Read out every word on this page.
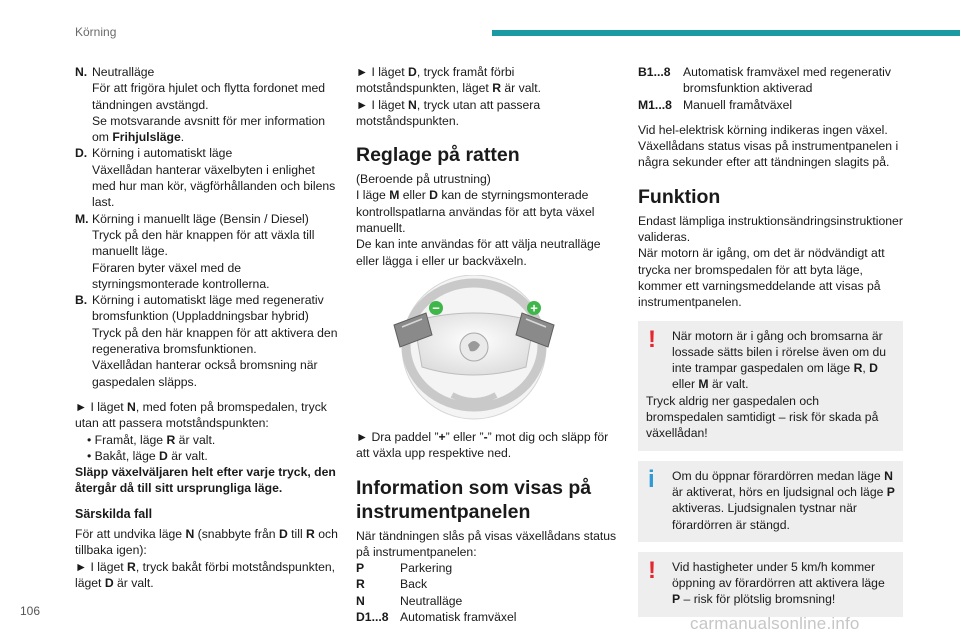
Körning
N. Neutralläge
För att frigöra hjulet och flytta fordonet med tändningen avstängd.
Se motsvarande avsnitt för mer information om Frihjulsläge.
D. Körning i automatiskt läge
Växellådan hanterar växelbyten i enlighet med hur man kör, vägförhållanden och bilens last.
M. Körning i manuellt läge (Bensin / Diesel)
Tryck på den här knappen för att växla till manuellt läge.
Föraren byter växel med de styrningsmonterade kontrollerna.
B. Körning i automatiskt läge med regenerativ bromsfunktion (Uppladdningsbar hybrid)
Tryck på den här knappen för att aktivera den regenerativa bromsfunktionen.
Växellådan hanterar också bromsning när gaspedalen släpps.

► I läget N, med foten på bromspedalen, tryck utan att passera motståndspunkten:

• Framåt, läge R är valt.
• Bakåt, läge D är valt.

Släpp växelväljaren helt efter varje tryck, den återgår då till sitt ursprungliga läge.

Särskilda fall

För att undvika läge N (snabbyte från D till R och tillbaka igen):

► I läget R, tryck bakåt förbi motståndspunkten, läget D är valt.

► I läget D, tryck framåt förbi motståndspunkten, läget R är valt.

► I läget N, tryck utan att passera motståndspunkten.

Reglage på ratten

(Beroende på utrustning)

I läge M eller D kan de styrningsmonterade kontrollspatlarna användas för att byta växel manuellt.

De kan inte användas för att välja neutralläge eller lägga i eller ur backväxeln.

−	+

► Dra paddel ”+” eller ”-” mot dig och släpp för att växla upp respektive ned.

Information som visas på instrumentpanelen

När tändningen slås på visas växellådans status på instrumentpanelen:

P	Parkering
R	Back
N	Neutralläge
D1...8 Automatisk framväxel
B1...8	Automatisk framväxel med regenerativ bromsfunktion aktiverad
M1...8 Manuell framåtväxel

Vid hel-elektrisk körning indikeras ingen växel. Växellådans status visas på instrumentpanelen i några sekunder efter att tändningen slagits på.

Funktion

Endast lämpliga instruktionsändringsinstruktioner valideras.

När motorn är igång, om det är nödvändigt att trycka ner bromspedalen för att byta läge, kommer ett varningsmeddelande att visas på instrumentpanelen.

!	När motorn är i gång och bromsarna är lossade sätts bilen i rörelse även om du inte trampar gaspedalen om läge R, D eller M är valt.
Tryck aldrig ner gaspedalen och bromspedalen samtidigt – risk för skada på växellådan!
i	Om du öppnar förardörren medan läge N är aktiverat, hörs en ljudsignal och läge P aktiveras. Ljudsignalen tystnar när förardörren är stängd.
!	Vid hastigheter under 5 km/h kommer öppning av förardörren att aktivera läge P – risk för plötslig bromsning!
106
carmanualsonline.info
